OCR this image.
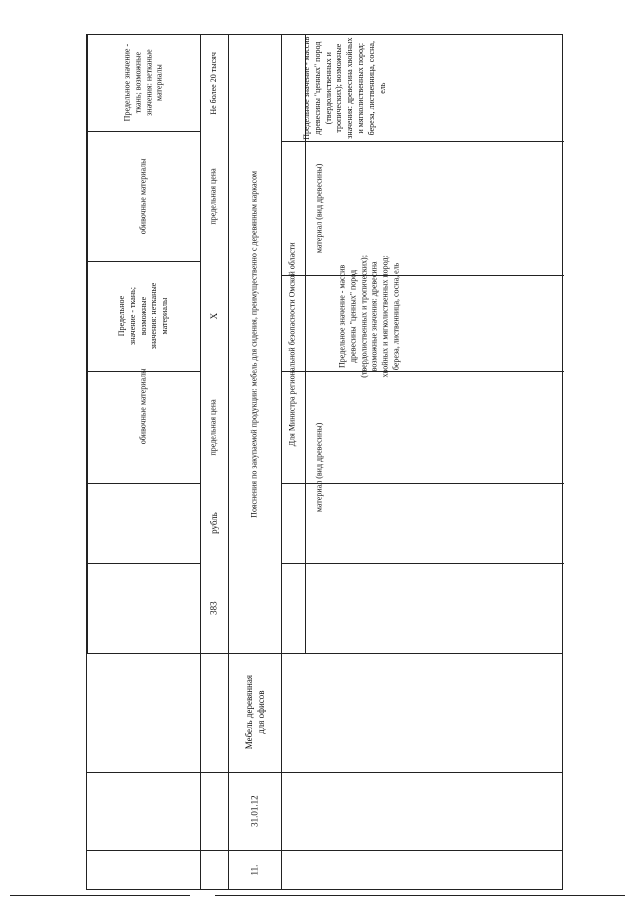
11.
31.01.12
Мебель деревянная для офисов
383
рубль
предельная цена
X
предельная цена
Не более 20 тысяч
обивочные материалы
Предельное значение - ткань; возможные значения: нетканые материалы
обивочные материалы
Предельное значение - ткань; возможные значения: нетканые материалы
Пояснения по закупаемой продукции: мебель для сидения, преимущественно с деревянным каркасом	Для Министра региональной безопасности Омской области
материал (вид древесины)
Предельное значение - массив древесины "ценных" пород (твердолиственных и тропических); возможные значения: древесина хвойных и мягколиственных пород: береза, лиственница, сосна, ель
материал (вид древесины)
Предельное значение - массив древесины "ценных" пород (твердолиственных и тропических); возможные значения: древесина хвойных и мягколиственных пород: береза, лиственница, сосна, ель
